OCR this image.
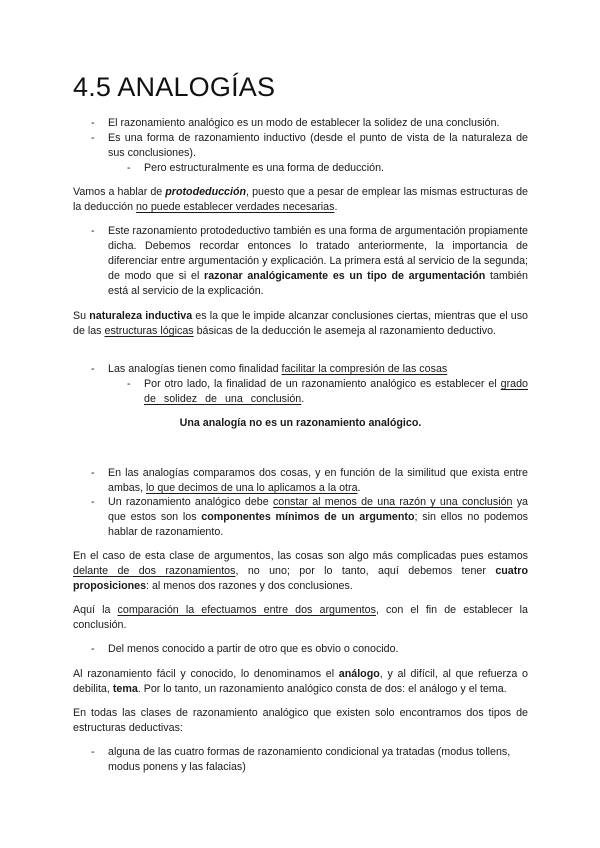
4.5 ANALOGÍAS
- El razonamiento analógico es un modo de establecer la solidez de una conclusión.

- Es una forma de razonamiento inductivo (desde el punto de vista de la naturaleza de sus conclusiones).

- Pero estructuralmente es una forma de deducción.

Vamos a hablar de protodeducción, puesto que a pesar de emplear las mismas estructuras de la deducción no puede establecer verdades necesarias.

- Este razonamiento protodeductivo también es una forma de argumentación propiamente dicha. Debemos recordar entonces lo tratado anteriormente, la importancia de diferenciar entre argumentación y explicación. La primera está al servicio de la segunda; de modo que si el razonar analógicamente es un tipo de argumentación también está al servicio de la explicación.

Su naturaleza inductiva es la que le impide alcanzar conclusiones ciertas, mientras que el uso de las estructuras lógicas básicas de la deducción le asemeja al razonamiento deductivo.

- Las analogías tienen como finalidad facilitar la compresión de las cosas

- Por otro lado, la finalidad de un razonamiento analógico es establecer el grado de solidez de una conclusión.

Una analogía no es un razonamiento analógico.

- En las analogías comparamos dos cosas, y en función de la similitud que exista entre ambas, lo que decimos de una lo aplicamos a la otra.

- Un razonamiento analógico debe constar al menos de una razón y una conclusión ya que estos son los componentes mínimos de un argumento; sin ellos no podemos hablar de razonamiento.

En el caso de esta clase de argumentos, las cosas son algo más complicadas pues estamos delante de dos razonamientos, no uno; por lo tanto, aquí debemos tener cuatro proposiciones: al menos dos razones y dos conclusiones.

Aquí la comparación la efectuamos entre dos argumentos, con el fin de establecer la conclusión.

- Del menos conocido a partir de otro que es obvio o conocido.

Al razonamiento fácil y conocido, lo denominamos el análogo, y al difícil, al que refuerza o debilita, tema. Por lo tanto, un razonamiento analógico consta de dos: el análogo y el tema.

En todas las clases de razonamiento analógico que existen solo encontramos dos tipos de estructuras deductivas:

- alguna de las cuatro formas de razonamiento condicional ya tratadas (modus tollens, modus ponens y las falacias)
